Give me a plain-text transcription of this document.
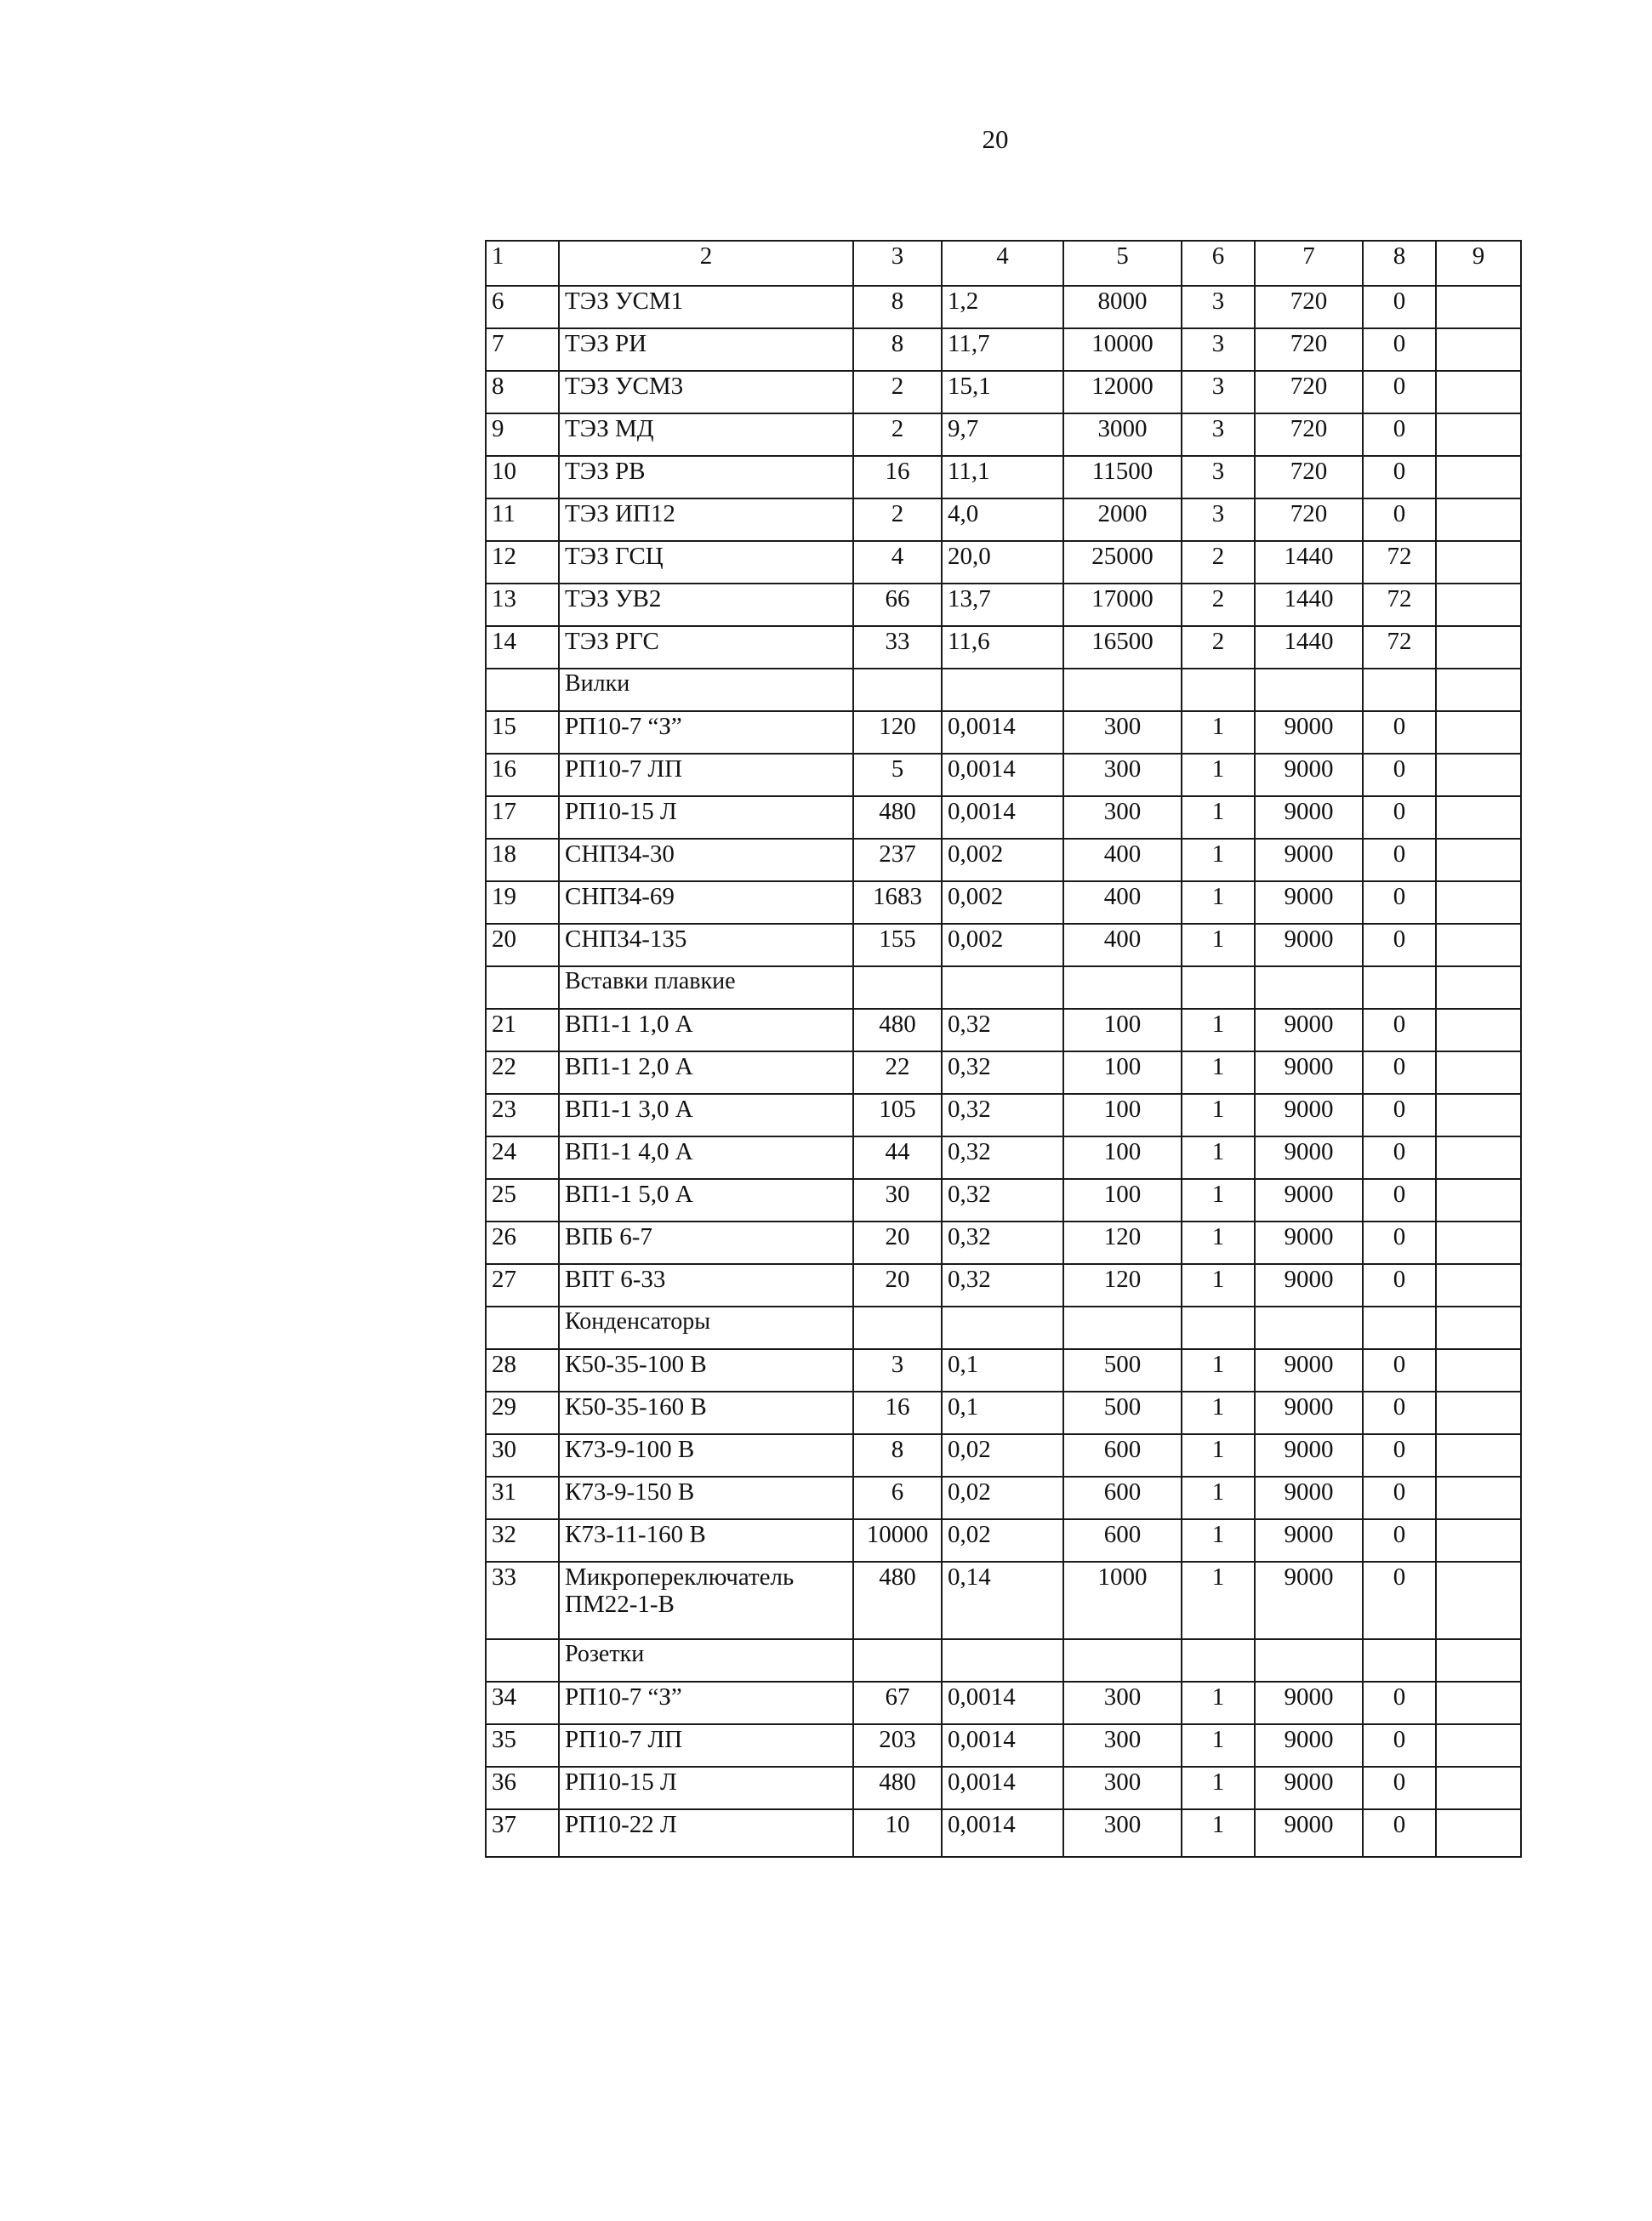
20
1	2	3	4	5	6	7	8	9
6	ТЭЗ УСМ1	8	1,2	8000	3	720	0	
7	ТЭЗ РИ	8	11,7	10000	3	720	0	
8	ТЭЗ УСМ3	2	15,1	12000	3	720	0	
9	ТЭЗ МД	2	9,7	3000	3	720	0	
10	ТЭЗ РВ	16	11,1	11500	3	720	0	
11	ТЭЗ ИП12	2	4,0	2000	3	720	0	
12	ТЭЗ ГСЦ	4	20,0	25000	2	1440	72	
13	ТЭЗ УВ2	66	13,7	17000	2	1440	72	
14	ТЭЗ РГС	33	11,6	16500	2	1440	72	
	Вилки							
15	РП10-7 “З”	120	0,0014	300	1	9000	0	
16	РП10-7 ЛП	5	0,0014	300	1	9000	0	
17	РП10-15 Л	480	0,0014	300	1	9000	0	
18	СНП34-30	237	0,002	400	1	9000	0	
19	СНП34-69	1683	0,002	400	1	9000	0	
20	СНП34-135	155	0,002	400	1	9000	0	
	Вставки плавкие							
21	ВП1-1 1,0 А	480	0,32	100	1	9000	0	
22	ВП1-1 2,0 А	22	0,32	100	1	9000	0	
23	ВП1-1 3,0 А	105	0,32	100	1	9000	0	
24	ВП1-1 4,0 А	44	0,32	100	1	9000	0	
25	ВП1-1 5,0 А	30	0,32	100	1	9000	0	
26	ВПБ 6-7	20	0,32	120	1	9000	0	
27	ВПТ 6-33	20	0,32	120	1	9000	0	
	Конденсаторы							
28	К50-35-100 В	3	0,1	500	1	9000	0	
29	К50-35-160 В	16	0,1	500	1	9000	0	
30	К73-9-100 В	8	0,02	600	1	9000	0	
31	К73-9-150 В	6	0,02	600	1	9000	0	
32	К73-11-160 В	10000	0,02	600	1	9000	0	
33	Микропереключатель ПМ22-1-В	480	0,14	1000	1	9000	0	
	Розетки							
34	РП10-7 “З”	67	0,0014	300	1	9000	0	
35	РП10-7 ЛП	203	0,0014	300	1	9000	0	
36	РП10-15 Л	480	0,0014	300	1	9000	0	
37	РП10-22 Л	10	0,0014	300	1	9000	0	
